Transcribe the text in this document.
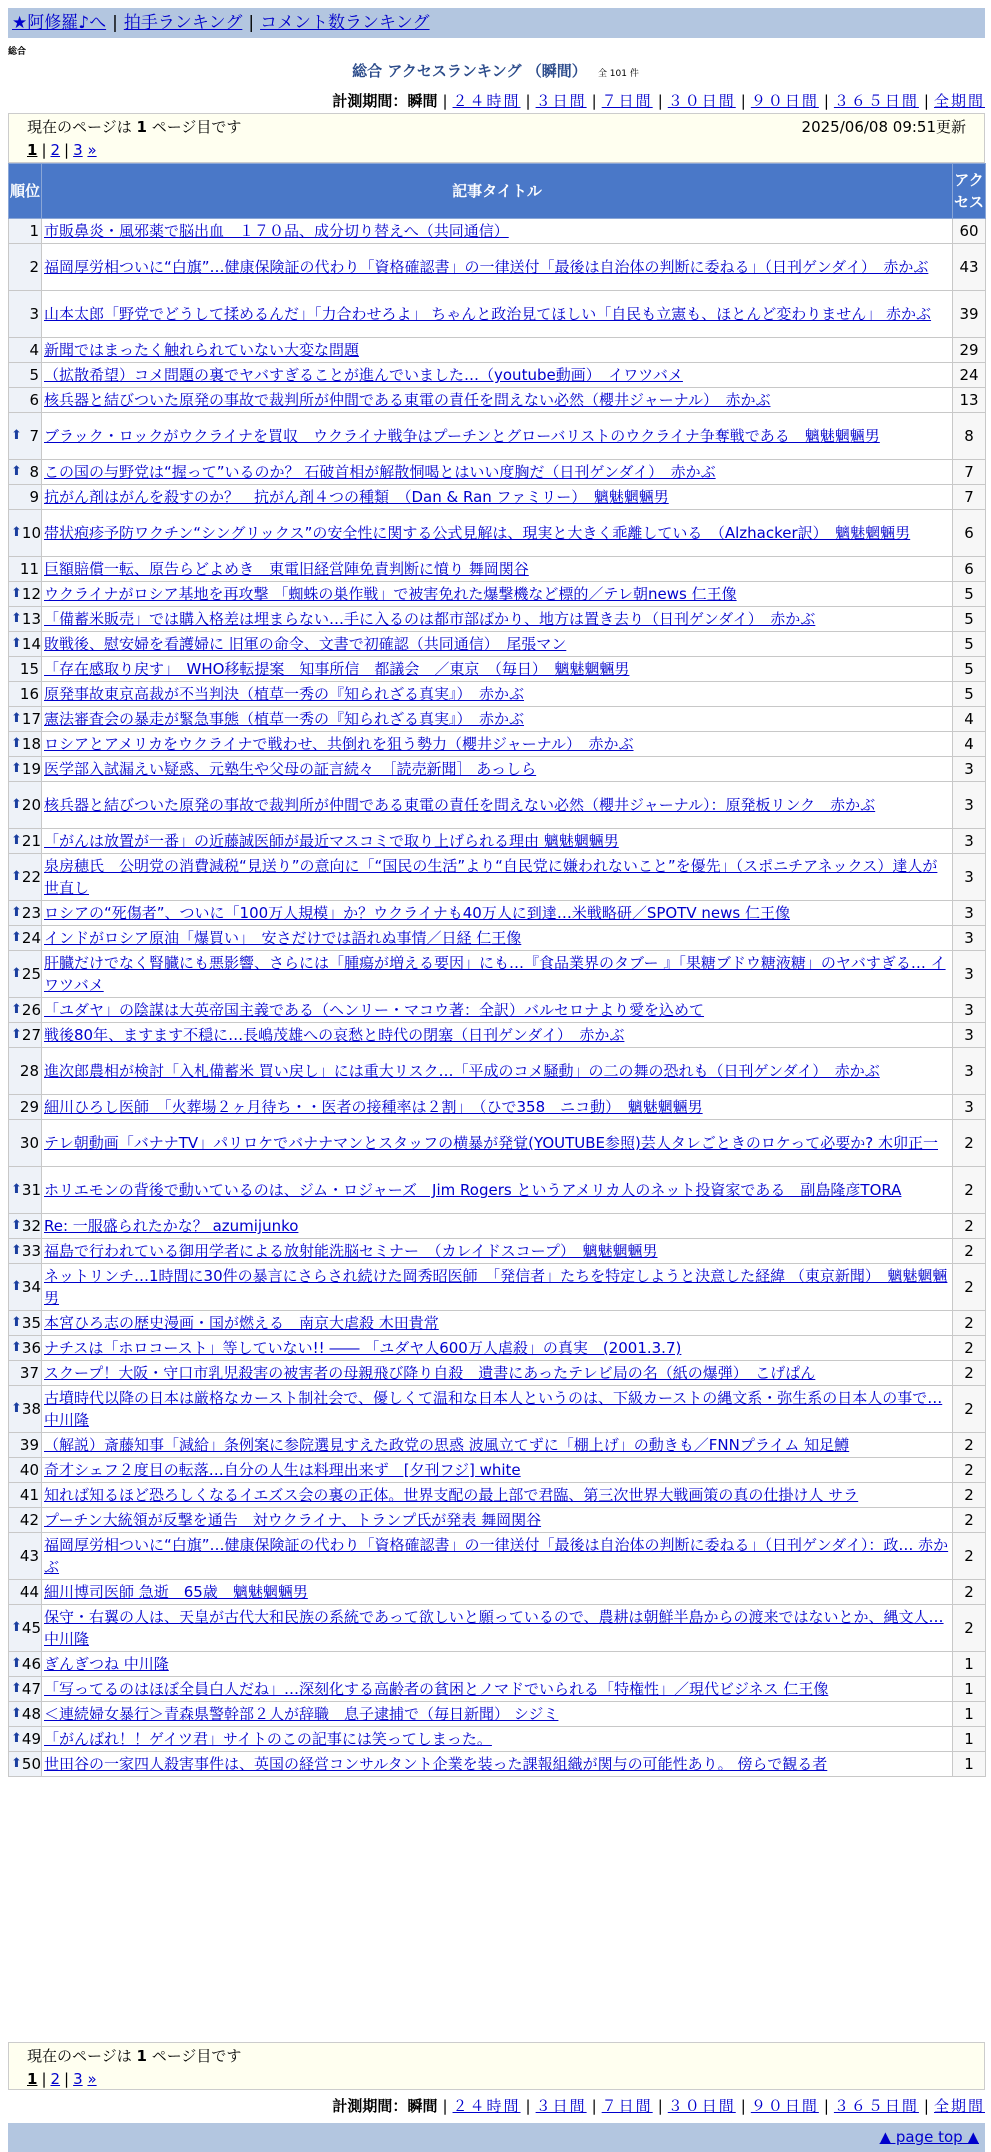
★阿修羅♪へ | 拍手ランキング | コメント数ランキング
総合
総合 アクセスランキング （瞬間） 全 101 件
計測期間：瞬間 | ２４時間 | ３日間 | ７日間 | ３０日間 | ９０日間 | ３６５日間 | 全期間
現在のページは 1 ページ目です	2025/06/08 09:51更新
1 | 2 | 3 »
順位	記事タイトル	アクセス
1	市販鼻炎・風邪薬で脳出血　１７０品、成分切り替えへ（共同通信）	60
2	福岡厚労相ついに“白旗”…健康保険証の代わり「資格確認書」の一律送付「最後は自治体の判断に委ねる」（日刊ゲンダイ）　赤かぶ	43
3	山本太郎「野党でどうして揉めるんだ」「力合わせろよ」 ちゃんと政治見てほしい「自民も立憲も、ほとんど変わりません」 赤かぶ	39
4	新聞ではまったく触れられていない大変な問題	29
5	（拡散希望）コメ問題の裏でヤバすぎることが進んでいました…（youtube動画）　イワツバメ	24
6	核兵器と結びついた原発の事故で裁判所が仲間である東電の責任を問えない必然（櫻井ジャーナル）　赤かぶ	13

⬆ 7	ブラック・ロックがウクライナを買収　ウクライナ戦争はプーチンとグローバリストのウクライナ争奪戦である　魑魅魍魎男	8

⬆ 8	この国の与野党は“握って”いるのか？ 石破首相が解散恫喝とはいい度胸だ（日刊ゲンダイ）　赤かぶ	7
9	抗がん剤はがんを殺すのか？　抗がん剤４つの種類　（Dan & Ran ファミリー）　魑魅魍魎男	7

⬆ 10	帯状疱疹予防ワクチン“シングリックス”の安全性に関する公式見解は、現実と大きく乖離している　（Alzhacker訳）　魑魅魍魎男	6
11	巨額賠償一転、原告らどよめき　東電旧経営陣免責判断に憤り 舞岡関谷	6

⬆ 12	ウクライナがロシア基地を再攻撃 「蜘蛛の巣作戦」で被害免れた爆撃機など標的／テレ朝news 仁王像	5

⬆ 13	「備蓄米販売」では購入格差は埋まらない…手に入るのは都市部ばかり、地方は置き去り（日刊ゲンダイ）　赤かぶ	5

⬆ 14	敗戦後、慰安婦を看護婦に 旧軍の命令、文書で初確認（共同通信）　尾張マン	5
15	「存在感取り戻す」　WHO移転提案　知事所信　都議会　／東京　（毎日）　魑魅魍魎男	5
16	原発事故東京高裁が不当判決（植草一秀の『知られざる真実』）　赤かぶ	5

⬆ 17	憲法審査会の暴走が緊急事態（植草一秀の『知られざる真実』）　赤かぶ	4

⬆ 18	ロシアとアメリカをウクライナで戦わせ、共倒れを狙う勢力（櫻井ジャーナル）　赤かぶ	4

⬆ 19	医学部入試漏えい疑惑、元塾生や父母の証言続々　［読売新聞］ あっしら	3

⬆ 20	核兵器と結びついた原発の事故で裁判所が仲間である東電の責任を問えない必然（櫻井ジャーナル）：原発板リンク　赤かぶ	3

⬆ 21	「がんは放置が一番」の近藤誠医師が最近マスコミで取り上げられる理由 魑魅魍魎男	3

⬆ 22	泉房穂氏　公明党の消費減税“見送り”の意向に「“国民の生活”より“自民党に嫌われないこと”を優先」（スポニチアネックス）達人が世直し	3

⬆ 23	ロシアの“死傷者”、ついに「100万人規模」か？ウクライナも40万人に到達…米戦略研／SPOTV news 仁王像	3

⬆ 24	インドがロシア原油「爆買い」　安さだけでは語れぬ事情／日経 仁王像	3

⬆ 25	肝臓だけでなく腎臓にも悪影響、さらには「腫瘍が増える要因」にも…『食品業界のタブー 』「果糖ブドウ糖液糖」のヤバすぎる… イワツバメ	3

⬆ 26	「ユダヤ」の陰謀は大英帝国主義である（ヘンリー・マコウ著：全訳）バルセロナより愛を込めて	3

⬆ 27	戦後80年、ますます不穏に…長嶋茂雄への哀愁と時代の閉塞（日刊ゲンダイ）　赤かぶ	3
28	進次郎農相が検討「入札備蓄米 買い戻し」には重大リスク…「平成のコメ騒動」の二の舞の恐れも（日刊ゲンダイ）　赤かぶ	3
29	細川ひろし医師　「火葬場２ヶ月待ち・・医者の接種率は２割」　（ひで358　ニコ動）　魑魅魍魎男	3
30	テレ朝動画「バナナTV」パリロケでバナナマンとスタッフの横暴が発覚(YOUTUBE参照)芸人タレごときのロケって必要か? 木卯正一	2

⬆ 31	ホリエモンの背後で動いているのは、ジム・ロジャーズ　Jim Rogers というアメリカ人のネット投資家である　副島隆彦TORA	2

⬆ 32	Re: 一服盛られたかな？ azumijunko	2

⬆ 33	福島で行われている御用学者による放射能洗脳セミナー　（カレイドスコープ）　魑魅魍魎男	2

⬆ 34	ネットリンチ…1時間に30件の暴言にさらされ続けた岡秀昭医師　「発信者」たちを特定しようと決意した経緯 （東京新聞）　魑魅魍魎男	2

⬆ 35	本宮ひろ志の歴史漫画・国が燃える　南京大虐殺 木田貴常	2

⬆ 36	ナチスは「ホロコースト」等していない!! ―― 「ユダヤ人600万人虐殺」の真実　(2001.3.7)	2
37	スクープ！大阪・守口市乳児殺害の被害者の母親飛び降り自殺　遺書にあったテレビ局の名（紙の爆弾）　こげぱん	2

⬆ 38	古墳時代以降の日本は厳格なカースト制社会で、優しくて温和な日本人というのは、下級カーストの縄文系・弥生系の日本人の事で… 中川隆	2
39	（解説）斎藤知事「減給」条例案に参院選見すえた政党の思惑 波風立てずに「棚上げ」の動きも／FNNプライム 知足鱒	2
40	奇才シェフ２度目の転落…自分の人生は料理出来ず　[夕刊フジ] white	2
41	知れば知るほど恐ろしくなるイエズス会の裏の正体。世界支配の最上部で君臨、第三次世界大戦画策の真の仕掛け人 サラ	2
42	プーチン大統領が反撃を通告　対ウクライナ、トランプ氏が発表 舞岡関谷	2
43	福岡厚労相ついに“白旗”…健康保険証の代わり「資格確認書」の一律送付「最後は自治体の判断に委ねる」（日刊ゲンダイ）：政… 赤かぶ	2
44	細川博司医師 急逝　65歳　魑魅魍魎男	2

⬆ 45	保守・右翼の人は、天皇が古代大和民族の系統であって欲しいと願っているので、農耕は朝鮮半島からの渡来ではないとか、縄文人… 中川隆	2

⬆ 46	ぎんぎつね 中川隆	1

⬆ 47	「写ってるのはほぼ全員白人だね」…深刻化する高齢者の貧困とノマドでいられる「特権性」／現代ビジネス 仁王像	1

⬆ 48	＜連続婦女暴行＞青森県警幹部２人が辞職　息子逮捕で（毎日新聞） シジミ	1

⬆ 49	「がんばれ！！ゲイツ君」サイトのこの記事には笑ってしまった。	1

⬆ 50	世田谷の一家四人殺害事件は、英国の経営コンサルタント企業を装った課報組織が関与の可能性あり。 傍らで観る者	1
現在のページは 1 ページ目です
1 | 2 | 3 »
計測期間：瞬間 | ２４時間 | ３日間 | ７日間 | ３０日間 | ９０日間 | ３６５日間 | 全期間
▲ page top ▲
